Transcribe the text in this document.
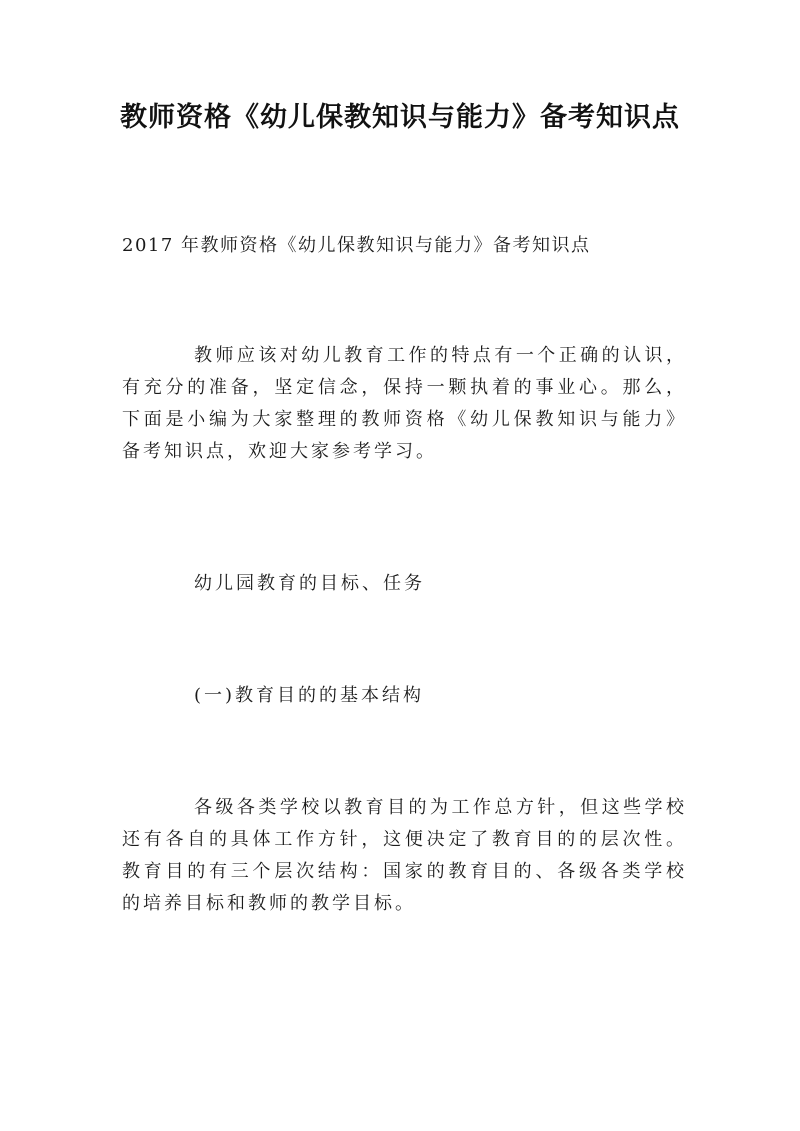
教师资格《幼儿保教知识与能力》备考知识点
2017 年教师资格《幼儿保教知识与能力》备考知识点
教师应该对幼儿教育工作的特点有一个正确的认识，有充分的准备，坚定信念，保持一颗执着的事业心。那么，下面是小编为大家整理的教师资格《幼儿保教知识与能力》备考知识点，欢迎大家参考学习。
幼儿园教育的目标、任务
(一)教育目的的基本结构
各级各类学校以教育目的为工作总方针，但这些学校还有各自的具体工作方针，这便决定了教育目的的层次性。教育目的有三个层次结构：国家的教育目的、各级各类学校的培养目标和教师的教学目标。
